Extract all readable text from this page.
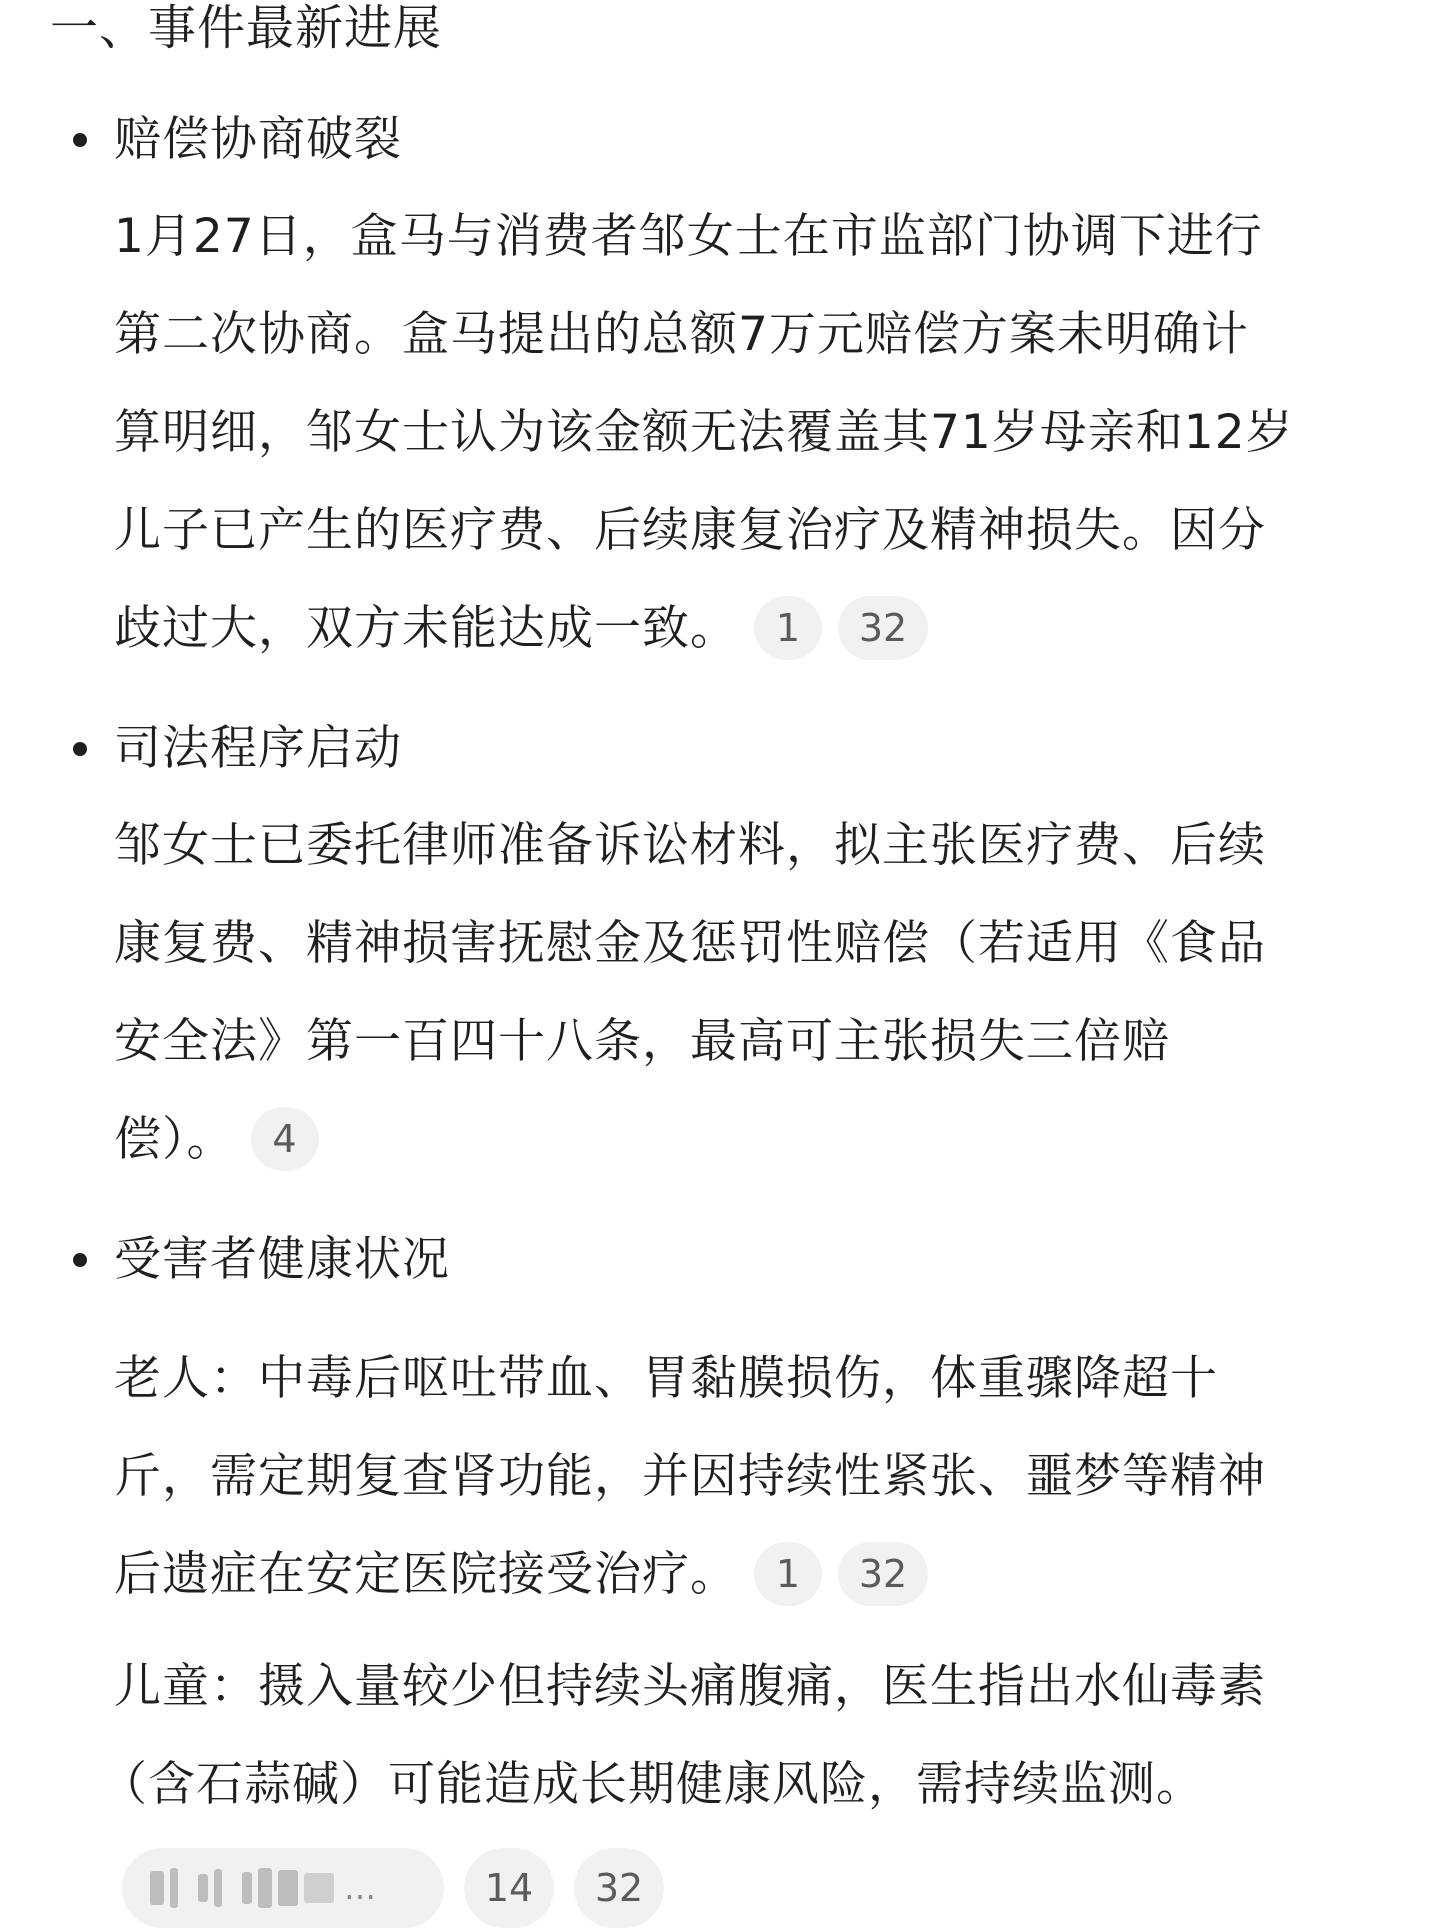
一、事件最新进展
赔偿协商破裂

1月27日，盒马与消费者邹女士在市监部门协调下进行
第二次协商。盒马提出的总额7万元赔偿方案未明确计
算明细，邹女士认为该金额无法覆盖其71岁母亲和12岁
儿子已产生的医疗费、后续康复治疗及精神损失。因分
歧过大，双方未能达成一致。 1 32

司法程序启动

邹女士已委托律师准备诉讼材料，拟主张医疗费、后续
康复费、精神损害抚慰金及惩罚性赔偿（若适用《食品
安全法》第一百四十八条，最高可主张损失三倍赔
偿）。 4

受害者健康状况

老人：中毒后呕吐带血、胃黏膜损伤，体重骤降超十
斤，需定期复查肾功能，并因持续性紧张、噩梦等精神
后遗症在安定医院接受治疗。 1 32

儿童：摄入量较少但持续头痛腹痛，医生指出水仙毒素
（含石蒜碱）可能造成长期健康风险，需持续监测。

…	14	32
